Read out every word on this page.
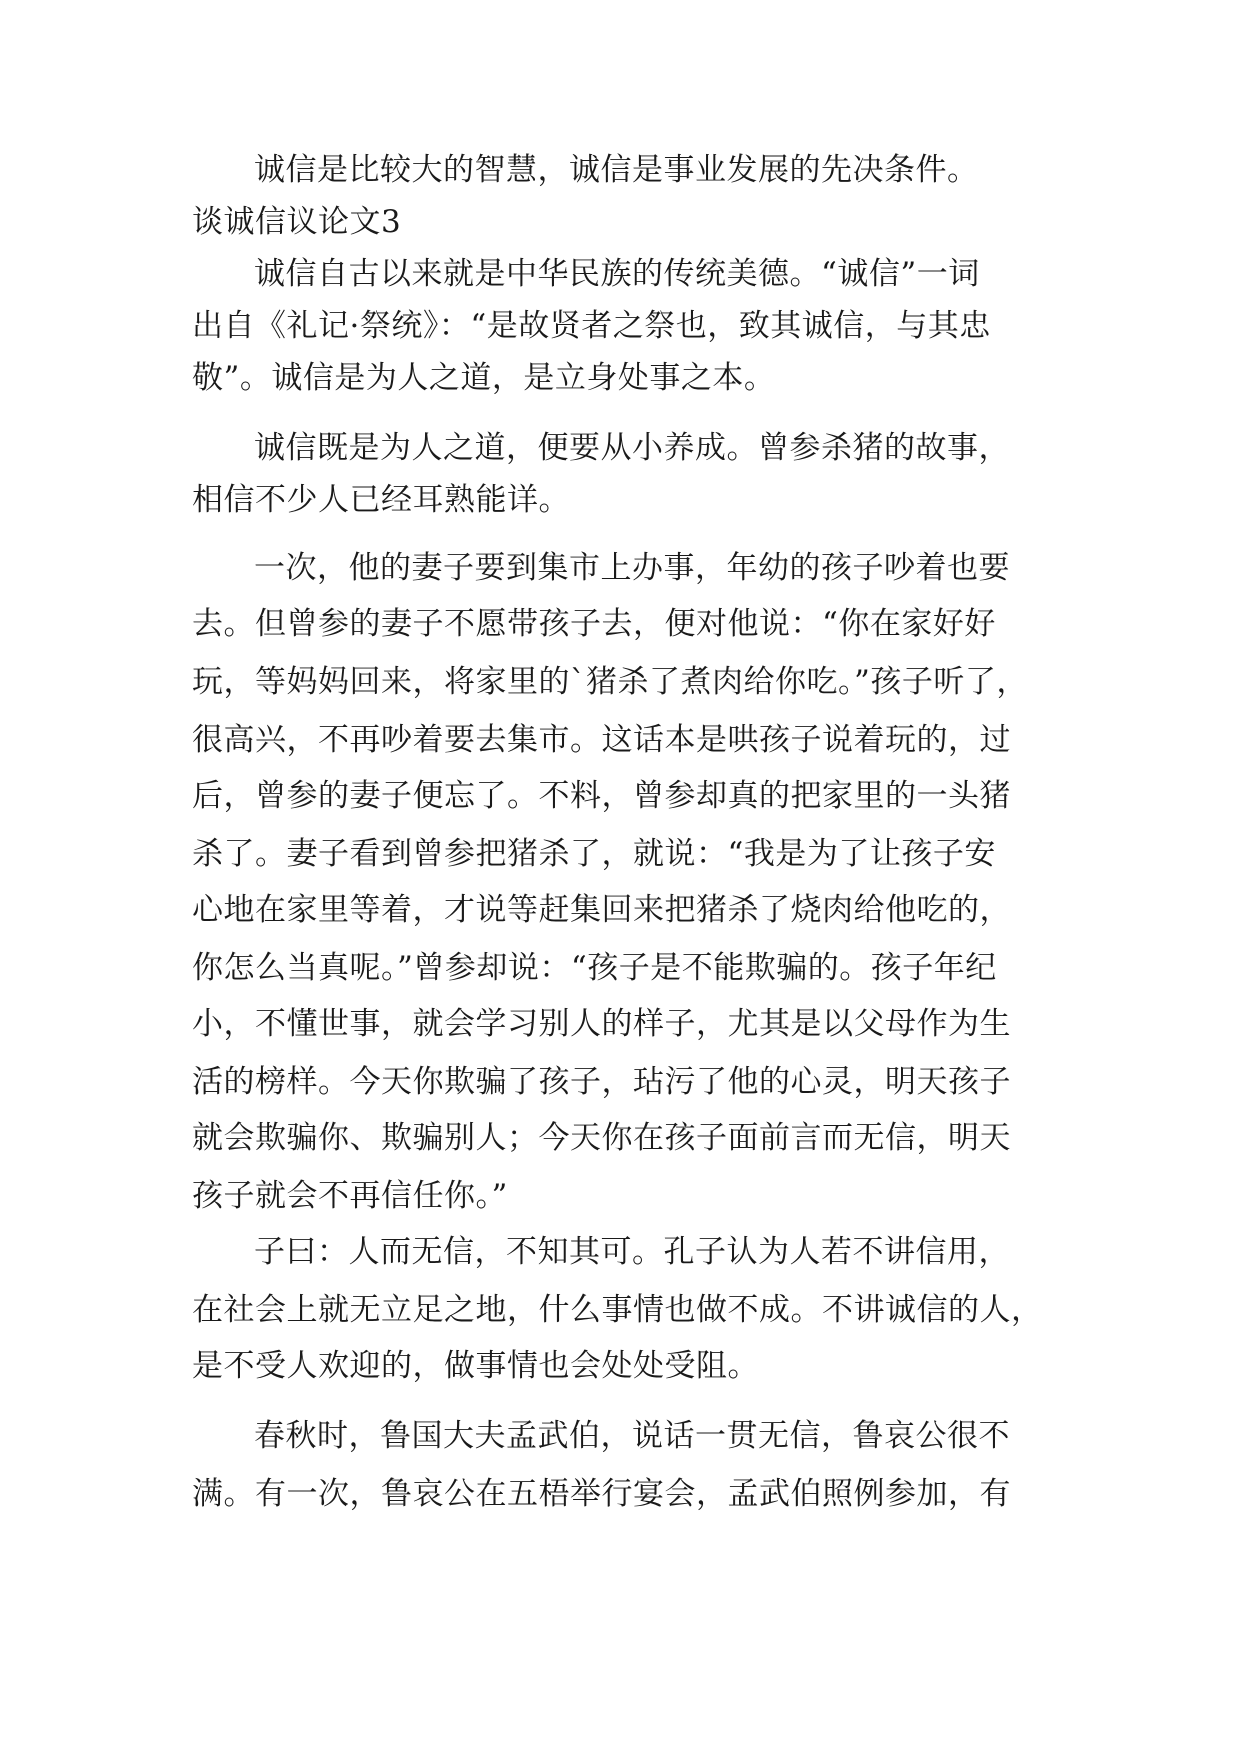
诚信是比较大的智慧，诚信是事业发展的先决条件。
谈诚信议论文3
诚信自古以来就是中华民族的传统美德。“诚信”一词
出自《礼记·祭统》：“是故贤者之祭也，致其诚信，与其忠
敬”。诚信是为人之道，是立身处事之本。
诚信既是为人之道，便要从小养成。曾参杀猪的故事，
相信不少人已经耳熟能详。
一次，他的妻子要到集市上办事，年幼的孩子吵着也要
去。但曾参的妻子不愿带孩子去，便对他说：“你在家好好
玩，等妈妈回来，将家里的`猪杀了煮肉给你吃。”孩子听了，
很高兴，不再吵着要去集市。这话本是哄孩子说着玩的，过
后，曾参的妻子便忘了。不料，曾参却真的把家里的一头猪
杀了。妻子看到曾参把猪杀了，就说：“我是为了让孩子安
心地在家里等着，才说等赶集回来把猪杀了烧肉给他吃的，
你怎么当真呢。”曾参却说：“孩子是不能欺骗的。孩子年纪
小，不懂世事，就会学习别人的样子，尤其是以父母作为生
活的榜样。今天你欺骗了孩子，玷污了他的心灵，明天孩子
就会欺骗你、欺骗别人；今天你在孩子面前言而无信，明天
孩子就会不再信任你。”
子曰：人而无信，不知其可。孔子认为人若不讲信用，
在社会上就无立足之地，什么事情也做不成。不讲诚信的人，
是不受人欢迎的，做事情也会处处受阻。
春秋时，鲁国大夫孟武伯，说话一贯无信，鲁哀公很不
满。有一次，鲁哀公在五梧举行宴会，孟武伯照例参加，有
